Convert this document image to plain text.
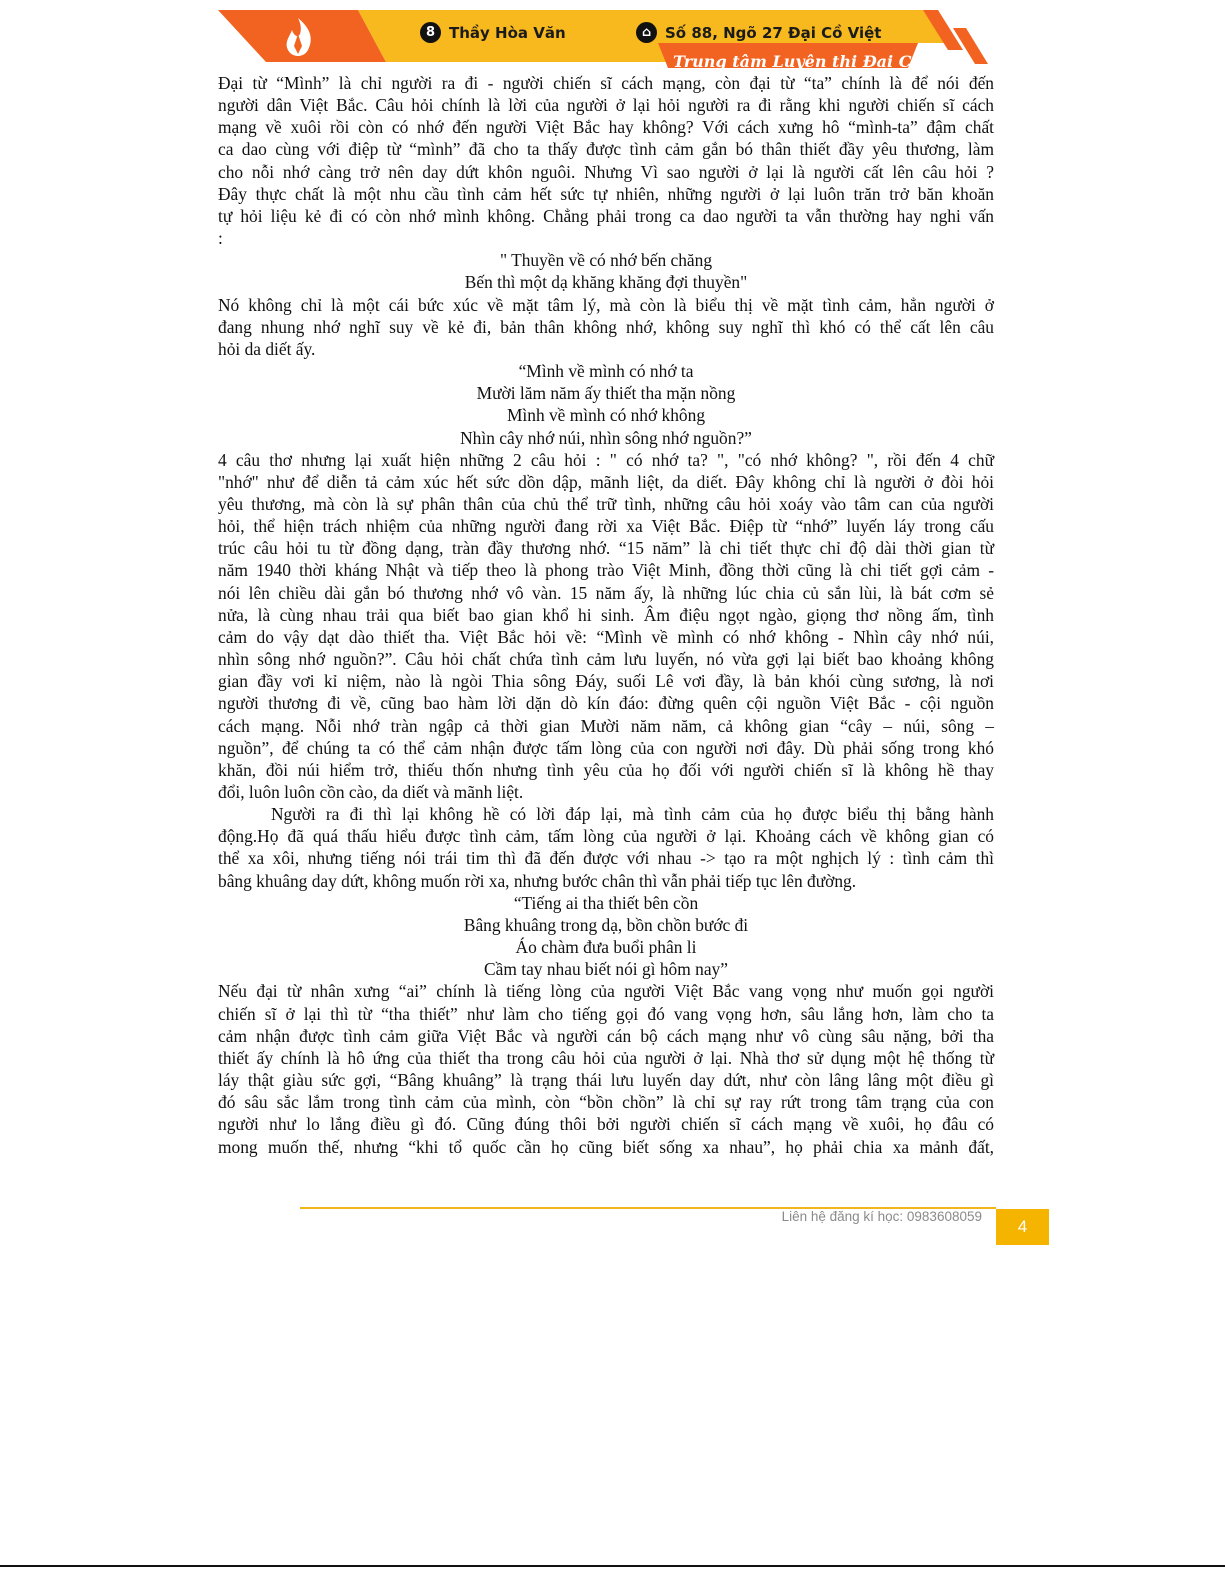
8 Thầy Hòa Văn	⌂ Số 88, Ngõ 27 Đại Cồ Việt
Trung tâm Luyện thi Đại Cồ Việt

Đại từ “Mình” là chỉ người ra đi - người chiến sĩ cách mạng, còn đại từ “ta” chính là để nói đến

người dân Việt Bắc. Câu hỏi chính là lời của người ở lại hỏi người ra đi rằng khi người chiến sĩ cách

mạng về xuôi rồi còn có nhớ đến người Việt Bắc hay không? Với cách xưng hô “mình-ta” đậm chất

ca dao cùng với điệp từ “mình” đã cho ta thấy được tình cảm gắn bó thân thiết đầy yêu thương, làm

cho nỗi nhớ càng trở nên day dứt khôn nguôi. Nhưng Vì sao người ở lại là người cất lên câu hỏi ?

Đây thực chất là một nhu cầu tình cảm hết sức tự nhiên, những người ở lại luôn trăn trở băn khoăn

tự hỏi liệu kẻ đi có còn nhớ mình không. Chẳng phải trong ca dao người ta vẫn thường hay nghi vấn

:

" Thuyền về có nhớ bến chăng

Bến thì một dạ khăng khăng đợi thuyền"

Nó không chỉ là một cái bức xúc về mặt tâm lý, mà còn là biểu thị về mặt tình cảm, hẳn người ở

đang nhung nhớ nghĩ suy về kẻ đi, bản thân không nhớ, không suy nghĩ thì khó có thể cất lên câu

hỏi da diết ấy.

“Mình về mình có nhớ ta

Mười lăm năm ấy thiết tha mặn nồng

Mình về mình có nhớ không

Nhìn cây nhớ núi, nhìn sông nhớ nguồn?”

4 câu thơ nhưng lại xuất hiện những 2 câu hỏi : " có nhớ ta? ", "có nhớ không? ", rồi đến 4 chữ

"nhớ" như để diễn tả cảm xúc hết sức dồn dập, mãnh liệt, da diết. Đây không chỉ là người ở đòi hỏi

yêu thương, mà còn là sự phân thân của chủ thể trữ tình, những câu hỏi xoáy vào tâm can của người

hỏi, thể hiện trách nhiệm của những người đang rời xa Việt Bắc. Điệp từ “nhớ” luyến láy trong cấu

trúc câu hỏi tu từ đồng dạng, tràn đầy thương nhớ. “15 năm” là chi tiết thực chỉ độ dài thời gian từ

năm 1940 thời kháng Nhật và tiếp theo là phong trào Việt Minh, đồng thời cũng là chi tiết gợi cảm -

nói lên chiều dài gắn bó thương nhớ vô vàn. 15 năm ấy, là những lúc chia củ sắn lùi, là bát cơm sẻ

nửa, là cùng nhau trải qua biết bao gian khổ hi sinh. Âm điệu ngọt ngào, giọng thơ nồng ấm, tình

cảm do vậy dạt dào thiết tha. Việt Bắc hỏi về: “Mình về mình có nhớ không - Nhìn cây nhớ núi,

nhìn sông nhớ nguồn?”. Câu hỏi chất chứa tình cảm lưu luyến, nó vừa gợi lại biết bao khoảng không

gian đầy vơi kỉ niệm, nào là ngòi Thia sông Đáy, suối Lê vơi đầy, là bản khói cùng sương, là nơi

người thương đi về, cũng bao hàm lời dặn dò kín đáo: đừng quên cội nguồn Việt Bắc - cội nguồn

cách mạng. Nỗi nhớ tràn ngập cả thời gian Mười năm năm, cả không gian “cây – núi, sông –

nguồn”, để chúng ta có thể cảm nhận được tấm lòng của con người nơi đây. Dù phải sống trong khó

khăn, đồi núi hiểm trở, thiếu thốn nhưng tình yêu của họ đối với người chiến sĩ là không hề thay

đổi, luôn luôn cồn cào, da diết và mãnh liệt.

Người ra đi thì lại không hề có lời đáp lại, mà tình cảm của họ được biểu thị bằng hành

động.Họ đã quá thấu hiểu được tình cảm, tấm lòng của người ở lại. Khoảng cách về không gian có

thể xa xôi, nhưng tiếng nói trái tim thì đã đến được với nhau -> tạo ra một nghịch lý : tình cảm thì

bâng khuâng day dứt, không muốn rời xa, nhưng bước chân thì vẫn phải tiếp tục lên đường.

“Tiếng ai tha thiết bên cồn

Bâng khuâng trong dạ, bồn chồn bước đi

Áo chàm đưa buổi phân li

Cầm tay nhau biết nói gì hôm nay”

Nếu đại từ nhân xưng “ai” chính là tiếng lòng của người Việt Bắc vang vọng như muốn gọi người

chiến sĩ ở lại thì từ “tha thiết” như làm cho tiếng gọi đó vang vọng hơn, sâu lắng hơn, làm cho ta

cảm nhận được tình cảm giữa Việt Bắc và người cán bộ cách mạng như vô cùng sâu nặng, bởi tha

thiết ấy chính là hô ứng của thiết tha trong câu hỏi của người ở lại. Nhà thơ sử dụng một hệ thống từ

láy thật giàu sức gợi, “Bâng khuâng” là trạng thái lưu luyến day dứt, như còn lâng lâng một điều gì

đó sâu sắc lắm trong tình cảm của mình, còn “bồn chồn” là chỉ sự ray rứt trong tâm trạng của con

người như lo lắng điều gì đó. Cũng đúng thôi bởi người chiến sĩ cách mạng về xuôi, họ đâu có

mong muốn thế, nhưng “khi tổ quốc cần họ cũng biết sống xa nhau”, họ phải chia xa mảnh đất,

Liên hệ đăng kí học: 0983608059
4
